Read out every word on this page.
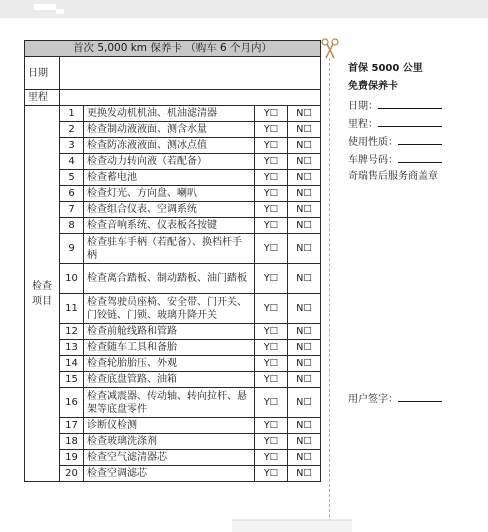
首次 5,000 km 保养卡 （购车 6 个月内）				
日期				
里程				
检查 项目	1	更换发动机机油、机油滤清器	Y☐	N☐
	2	检查制动液液面、测含水量	Y☐	N☐
	3	检查防冻液液面、测冰点值	Y☐	N☐
	4	检查动力转向液（若配备）	Y☐	N☐
	5	检查蓄电池	Y☐	N☐
	6	检查灯光、方向盘、喇叭	Y☐	N☐
	7	检查组合仪表、空调系统	Y☐	N☐
	8	检查音响系统、仪表板各按键	Y☐	N☐
	9	检查驻车手柄（若配备）、换档杆手柄	Y☐	N☐
	10	检查离合踏板、制动踏板、油门踏板	Y☐	N☐
	11	检查驾驶员座椅、安全带、门开关、门铰链、门锁、玻璃升降开关	Y☐	N☐
	12	检查前舱线路和管路	Y☐	N☐
	13	检查随车工具和备胎	Y☐	N☐
	14	检查轮胎胎压、外观	Y☐	N☐
	15	检查底盘管路、油箱	Y☐	N☐
	16	检查减震器、传动轴、转向拉杆、悬架等底盘零件	Y☐	N☐
	17	诊断仪检测	Y☐	N☐
	18	检查玻璃洗涤剂	Y☐	N☐
	19	检查空气滤清器芯	Y☐	N☐
	20	检查空调滤芯	Y☐	N☐
首保 5000 公里
免费保养卡
日期：
里程：
使用性质：
车牌号码：
奇瑞售后服务商盖章
用户签字：
